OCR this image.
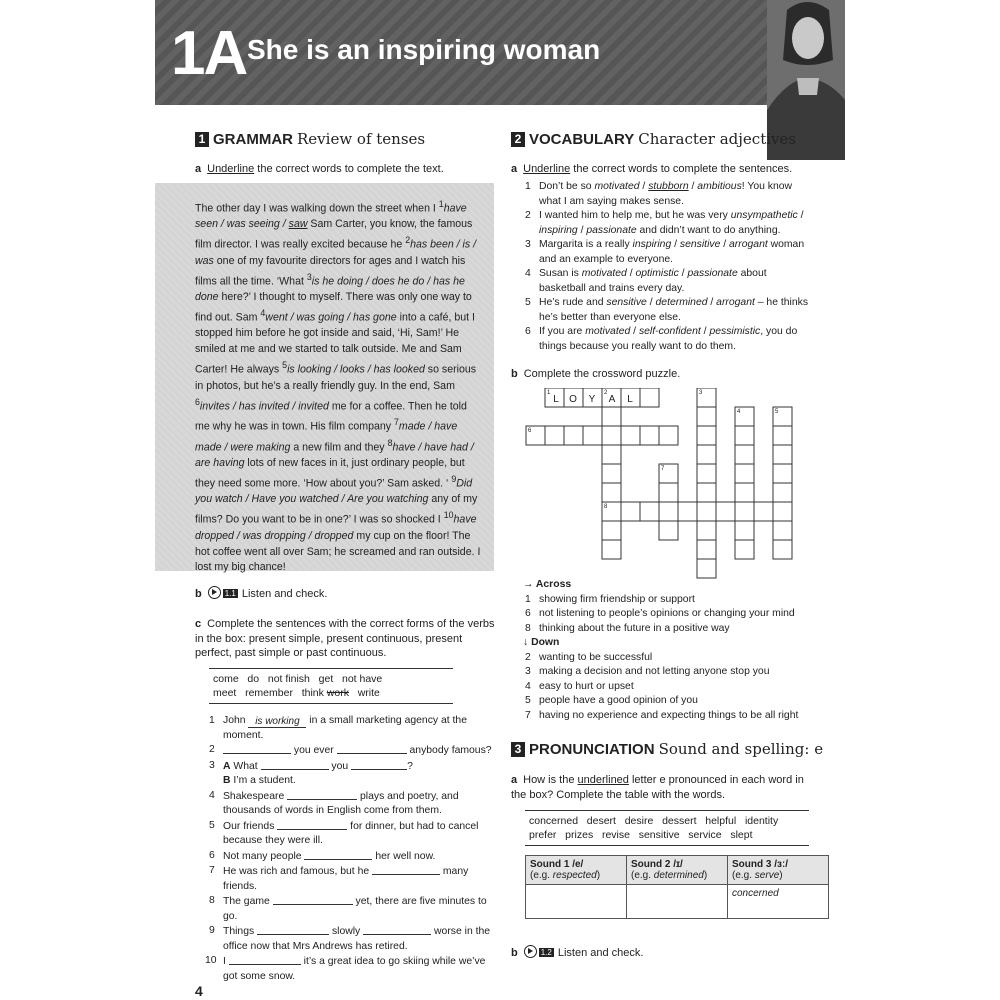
1A She is an inspiring woman
1 GRAMMAR Review of tenses
a Underline the correct words to complete the text.
The other day I was walking down the street when I $^1$have seen / was seeing / saw Sam Carter, you know, the famous film director. I was really excited because he $^2$has been / is / was one of my favourite directors for ages and I watch his films all the time. ‘What $^3$is he doing / does he do / has he done here?’ I thought to myself. There was only one way to find out. Sam $^4$went / was going / has gone into a café, but I stopped him before he got inside and said, ‘Hi, Sam!’ He smiled at me and we started to talk outside. Me and Sam Carter! He always $^5$is looking / looks / has looked so serious in photos, but he’s a really friendly guy. In the end, Sam $^6$invites / has invited / invited me for a coffee. Then he told me why he was in town. His film company $^7$made / have made / were making a new film and they $^8$have / have had / are having lots of new faces in it, just ordinary people, but they need some more. ‘How about you?’ Sam asked. ‘ $^9$Did you watch / Have you watched / Are you watching any of my films? Do you want to be in one?’ I was so shocked I $^{10}$have dropped / was dropping / dropped my cup on the floor! The hot coffee went all over Sam; he screamed and ran outside. I lost my big chance!
b	1.1 Listen and check.
c Complete the sentences with the correct forms of the verbs in the box: present simple, present continuous, present perfect, past simple or past continuous.
come   do   not finish   get   not have
meet   remember   think work   write
1 John is working in a small marketing agency at the moment.
2	you ever	anybody famous?
3 A What	you	?
B I’m a student.
4 Shakespeare	plays and poetry, and thousands of words in English come from them.
5 Our friends	for dinner, but had to cancel because they were ill.
6 Not many people	her well now.
7 He was rich and famous, but he	many friends.
8 The game	yet, there are five minutes to go.
9 Things	slowly	worse in the office now that Mrs Andrews has retired.
10 I	it’s a great idea to go skiing while we’ve got some snow.
2 VOCABULARY Character adjectives
a Underline the correct words to complete the sentences.
1 Don’t be so motivated / stubborn / ambitious! You know what I am saying makes sense.
2 I wanted him to help me, but he was very unsympathetic / inspiring / passionate and didn’t want to do anything.
3 Margarita is a really inspiring / sensitive / arrogant woman and an example to everyone.
4 Susan is motivated / optimistic / passionate about basketball and trains every day.
5 He’s rude and sensitive / determined / arrogant – he thinks he’s better than everyone else.
6 If you are motivated / self-confident / pessimistic, you do things because you really want to do them.
b Complete the crossword puzzle.
1	2
6
3
4	5
7
8
L O Y A L
→ Across
1 showing firm friendship or support
6 not listening to people’s opinions or changing your mind
8 thinking about the future in a positive way
↓ Down
2 wanting to be successful
3 making a decision and not letting anyone stop you
4 easy to hurt or upset
5 people have a good opinion of you
7 having no experience and expecting things to be all right
3 PRONUNCIATION Sound and spelling: e
a How is the underlined letter e pronounced in each word in the box? Complete the table with the words.
concerned   desert   desire   dessert   helpful   identity
prefer   prizes   revise   sensitive   service   slept
Sound 1 /e/
(e.g. respected)	Sound 2 /ɪ/
(e.g. determined)	Sound 3 /ɜː/
(e.g. serve)
		concerned
b	1.2 Listen and check.
4
